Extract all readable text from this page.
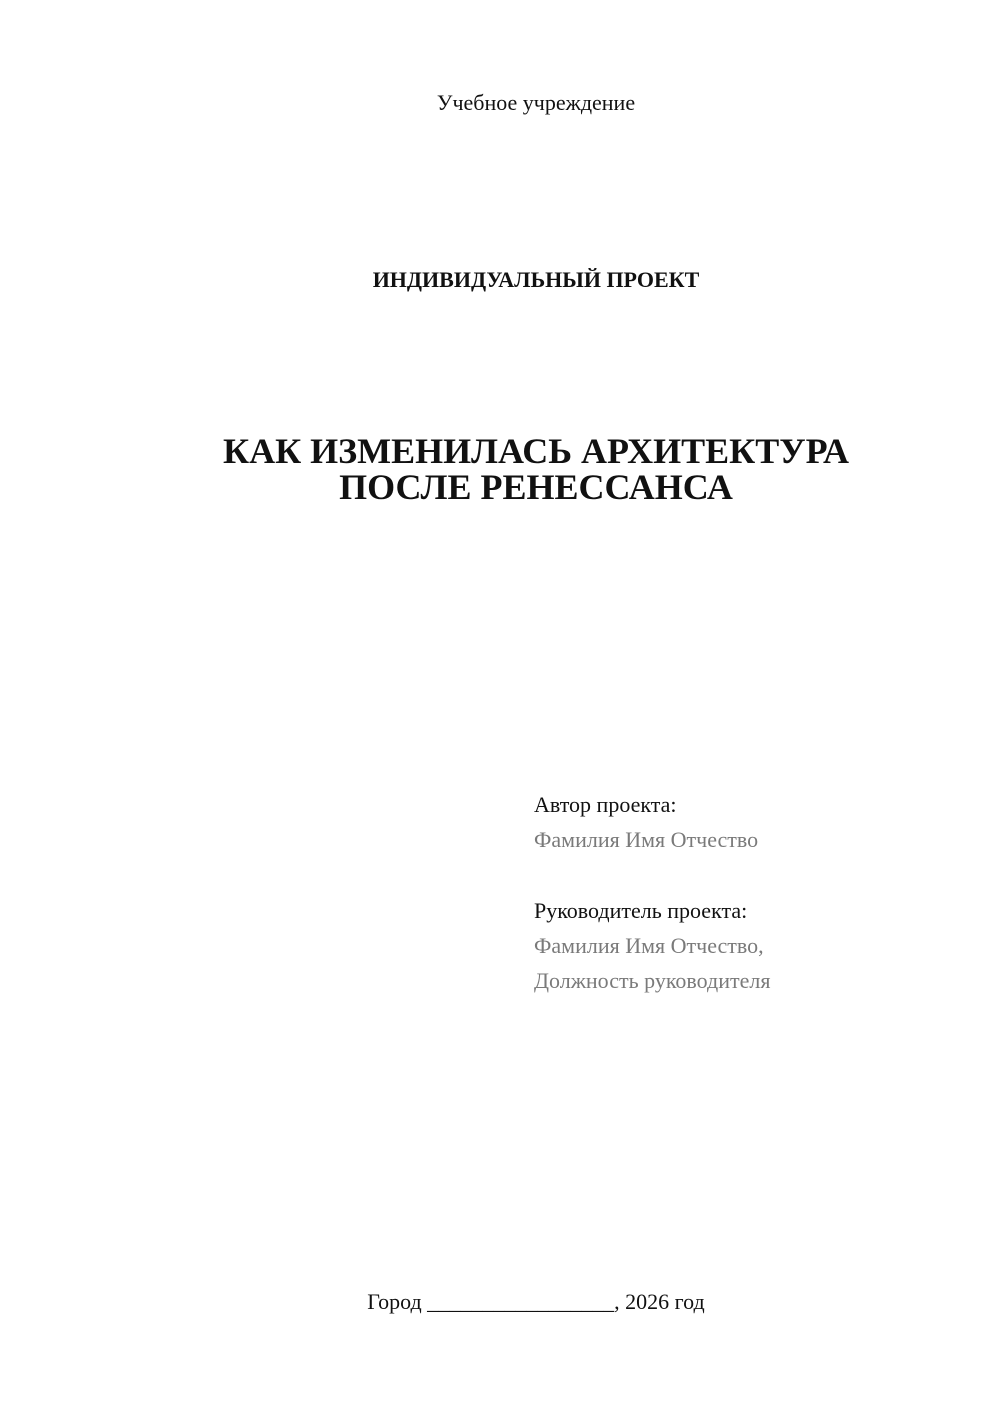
Учебное учреждение
ИНДИВИДУАЛЬНЫЙ ПРОЕКТ
КАК ИЗМЕНИЛАСЬ АРХИТЕКТУРА
ПОСЛЕ РЕНЕССАНСА
Автор проекта:
Фамилия Имя Отчество
Руководитель проекта:
Фамилия Имя Отчество,
Должность руководителя
Город _________________, 2026 год
